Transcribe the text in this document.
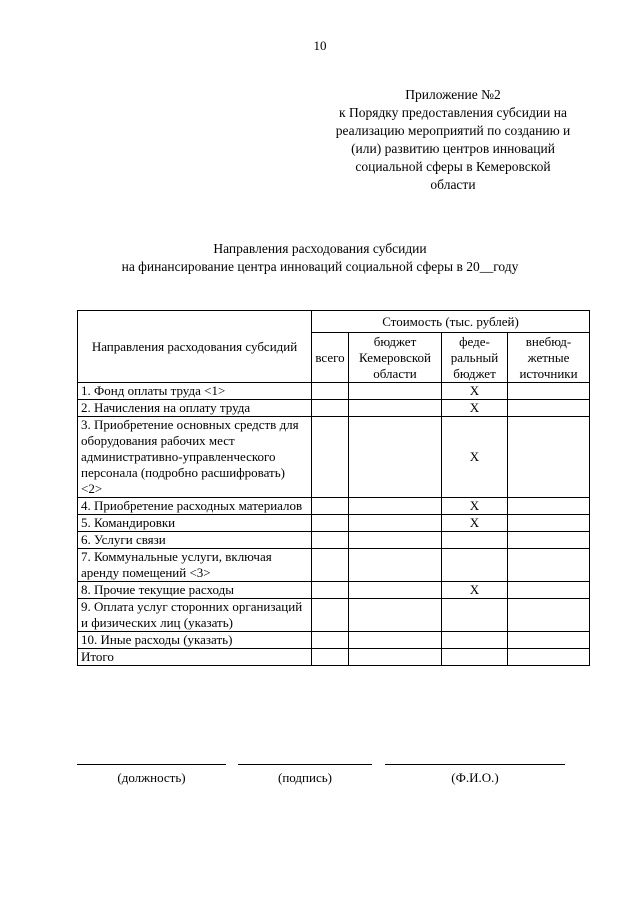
10
Приложение №2
к Порядку предоставления субсидии на
реализацию мероприятий по созданию и
(или) развитию центров инноваций
социальной сферы в Кемеровской
области
Направления расходования субсидии
на финансирование центра инноваций социальной сферы в 20__году
Направления расходования субсидий	Стоимость (тыс. рублей)			
	всего	бюджет Кемеровской области	феде- ральный бюджет	внебюд- жетные источники
1. Фонд оплаты труда <1>			X	
2. Начисления на оплату труда			X	
3. Приобретение основных средств для оборудования рабочих мест административно-управленческого персонала (подробно расшифровать) <2>			X	
4. Приобретение расходных материалов			X	
5. Командировки			X	
6. Услуги связи				
7. Коммунальные услуги, включая аренду помещений <3>				
8. Прочие текущие расходы			X	
9. Оплата услуг сторонних организаций и физических лиц (указать)				
10. Иные расходы (указать)				
Итого				
(должность)	(подпись)	(Ф.И.О.)
